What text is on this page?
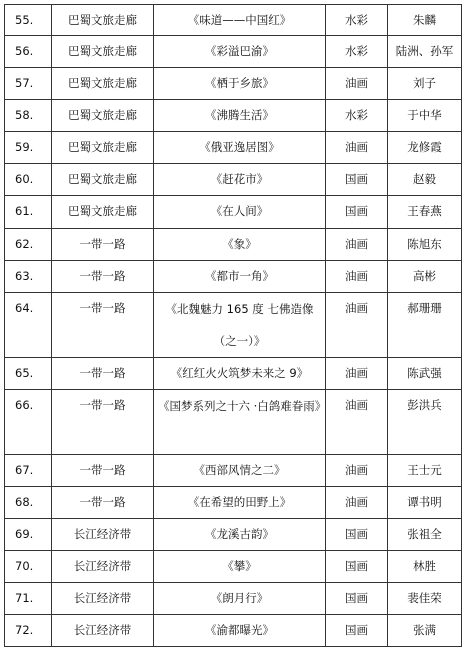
55.	巴蜀文旅走廊	《味道——中国红》	水彩	朱麟

56.	巴蜀文旅走廊	《彩溢巴渝》	水彩	陆洲、孙军

57.	巴蜀文旅走廊	《栖于乡旅》	油画	刘子

58.	巴蜀文旅走廊	《沸腾生活》	水彩	于中华

59.	巴蜀文旅走廊	《俄亚逸居图》	油画	龙修霞

60.	巴蜀文旅走廊	《赶花市》	国画	赵毅

61.	巴蜀文旅走廊	《在人间》	国画	王春燕

62.	一带一路	《象》	油画	陈旭东

63.	一带一路	《都市一角》	油画	高彬

64.	一带一路	《北魏魅力 165 度 七佛造像（之一）》	油画	郝珊珊

65.	一带一路	《红红火火筑梦未来之 9》	油画	陈武强

66.	一带一路	《国梦系列之十六 ·白鸽难眷雨》	油画	彭洪兵

67.	一带一路	《西部风情之二》	油画	王士元

68.	一带一路	《在希望的田野上》	油画	谭书明

69.	长江经济带	《龙溪古韵》	国画	张祖全

70.	长江经济带	《攀》	国画	林胜

71.	长江经济带	《朗月行》	国画	裴佳荣

72.	长江经济带	《渝都曝光》	国画	张满
